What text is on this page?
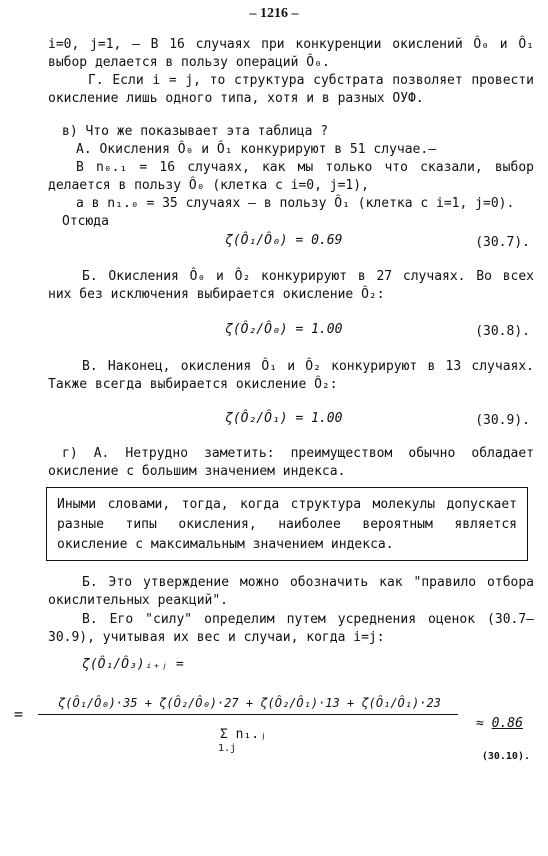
– 1216 –
i=0, j=1, – В 16 случаях при конкуренции окислений Ô₀ и Ô₁ выбор делается в пользу операций Ô₀.
Г. Если i = j, то структура субстрата позволяет провести окисление лишь одного типа, хотя и в разных ОУФ.
в) Что же показывает эта таблица ?
А. Окисления Ô₀ и Ô₁ конкурируют в 51 случае.–
В n₀.₁ = 16 случаях, как мы только что сказали, выбор делается в пользу Ô₀ (клетка с i=0, j=1),
а в n₁.₀ = 35 случаях – в пользу Ô₁ (клетка с i=1, j=0).
Отсюда
ζ(Ô₁/Ô₀) = 0.69	(30.7).
Б. Окисления Ô₀ и Ô₂ конкурируют в 27 случаях. Во всех них без исключения выбирается окисление Ô₂:
ζ(Ô₂/Ô₀) = 1.00	(30.8).
В. Наконец, окисления Ô₁ и Ô₂ конкурируют в 13 случаях. Также всегда выбирается окисление Ô₂:
ζ(Ô₂/Ô₁) = 1.00	(30.9).
г) А. Нетрудно заметить: преимуществом обычно обладает окисление с большим значением индекса.
Иными словами, тогда, когда структура молекулы допускает разные типы окисления, наиболее вероятным является окисление с максимальным значением индекса.
Б. Это утверждение можно обозначить как "правило отбора окислительных реакций".
В. Его "силу" определим путем усреднения оценок (30.7–30.9), учитывая их вес и случаи, когда i=j:
ζ(Ô₁/Ô₃)ᵢ₊ⱼ =
ζ(Ô₁/Ô₀)·35 + ζ(Ô₂/Ô₀)·27 + ζ(Ô₂/Ô₁)·13 + ζ(Ô₁/Ô₁)·23
=
Σ n₁.ⱼ
1.j
≈ 0.86
(30.10).
